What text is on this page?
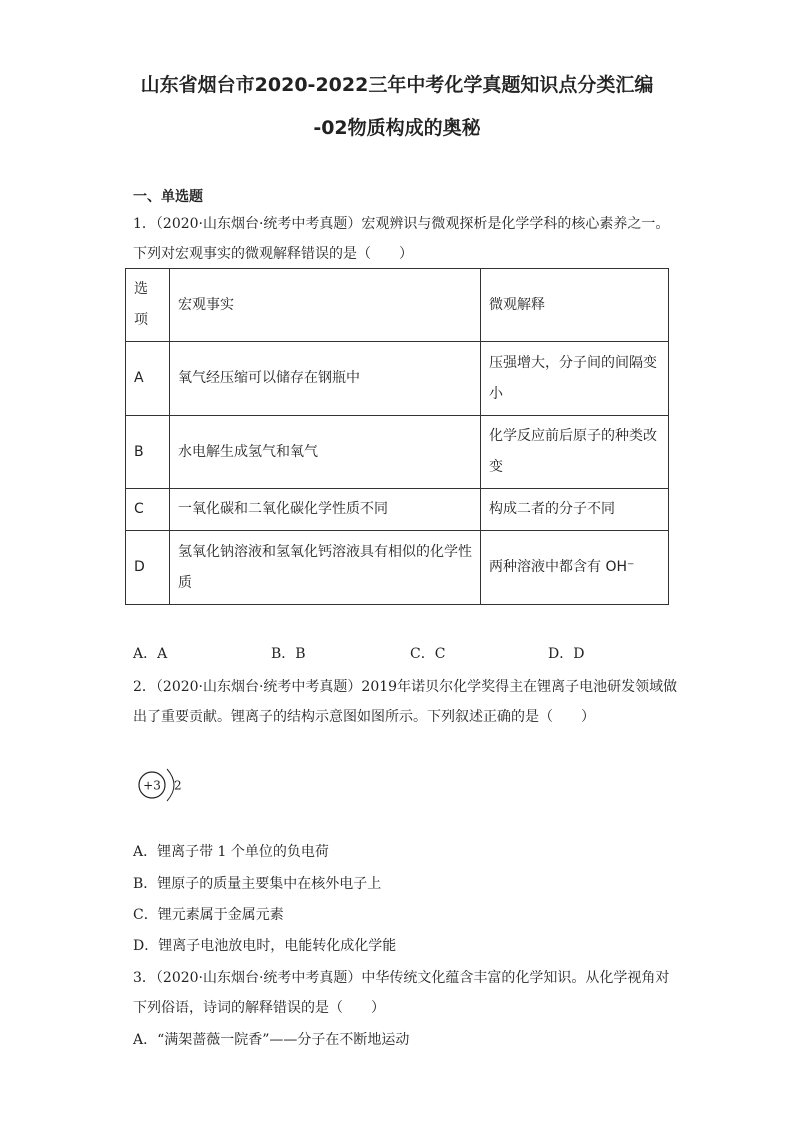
山东省烟台市2020-2022三年中考化学真题知识点分类汇编
-02物质构成的奥秘
一、单选题
1．（2020·山东烟台·统考中考真题）宏观辨识与微观探析是化学学科的核心素养之一。
下列对宏观事实的微观解释错误的是（　　）
选项	宏观事实	微观解释
A	氧气经压缩可以储存在钢瓶中	压强增大，分子间的间隔变小
B	水电解生成氢气和氧气	化学反应前后原子的种类改变
C	一氧化碳和二氧化碳化学性质不同	构成二者的分子不同
D	氢氧化钠溶液和氢氧化钙溶液具有相似的化学性质	两种溶液中都含有 OH⁻
A．A	B．B	C．C	D．D
2．（2020·山东烟台·统考中考真题）2019年诺贝尔化学奖得主在锂离子电池研发领域做
出了重要贡献。锂离子的结构示意图如图所示。下列叙述正确的是（　　）
+3 2
A．锂离子带 1 个单位的负电荷
B．锂原子的质量主要集中在核外电子上
C．锂元素属于金属元素
D．锂离子电池放电时，电能转化成化学能
3．（2020·山东烟台·统考中考真题）中华传统文化蕴含丰富的化学知识。从化学视角对
下列俗语，诗词的解释错误的是（　　）
A．“满架蔷薇一院香”——分子在不断地运动
